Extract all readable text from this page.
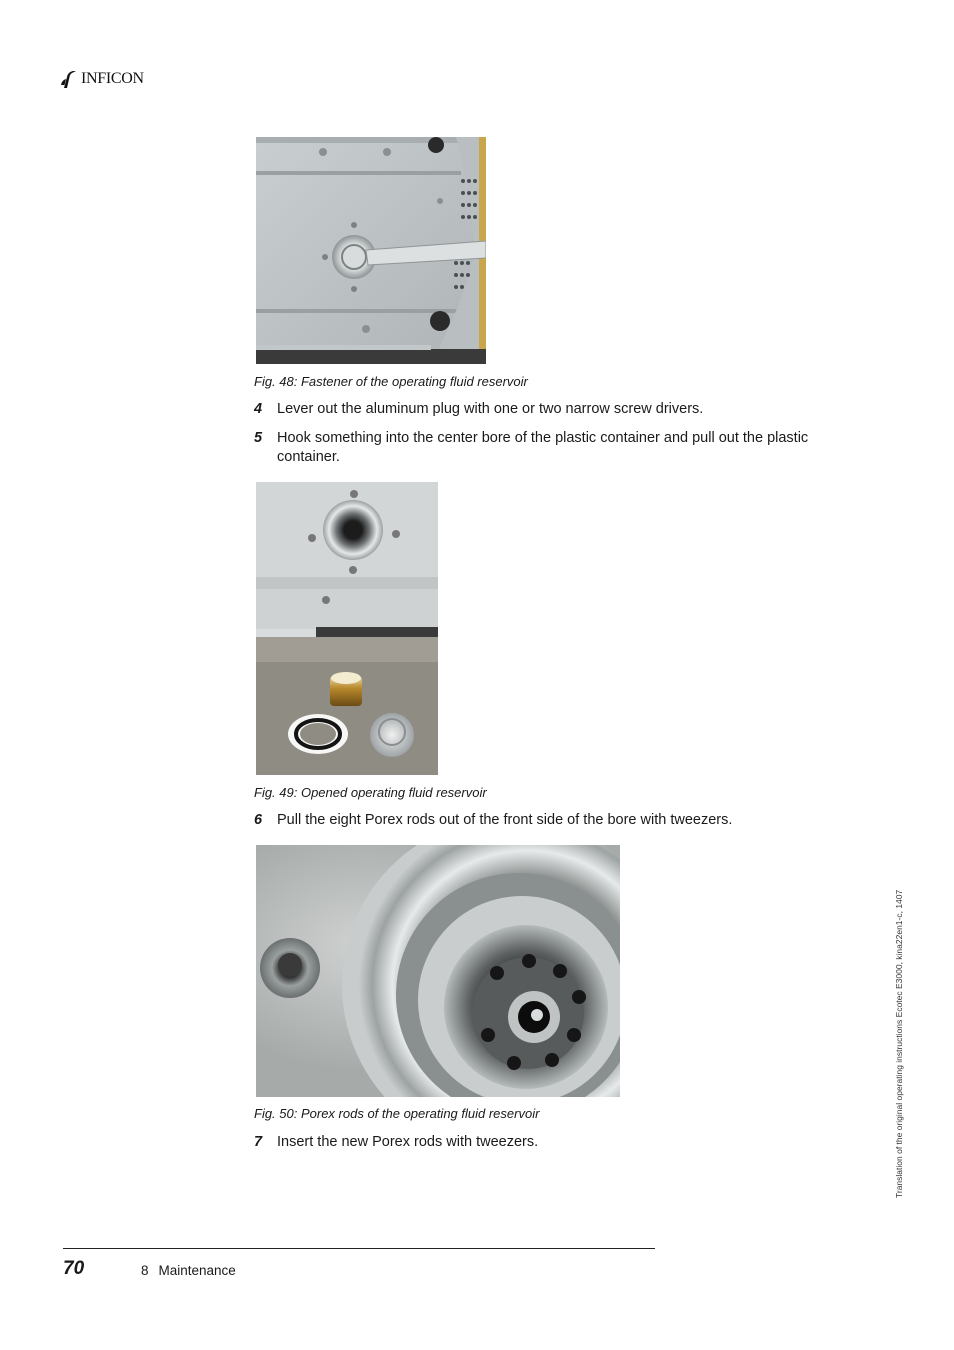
INFICON
Fig. 48: Fastener of the operating fluid reservoir
4 Lever out the aluminum plug with one or two narrow screw drivers.
5 Hook something into the center bore of the plastic container and pull out the plastic container.
Fig. 49: Opened operating fluid reservoir
6 Pull the eight Porex rods out of the front side of the bore with tweezers.
Fig. 50: Porex rods of the operating fluid reservoir
7 Insert the new Porex rods with tweezers.	Translation of the original operating instructions Ecotec E3000, kina22en1-c, 1407
70	8 Maintenance
